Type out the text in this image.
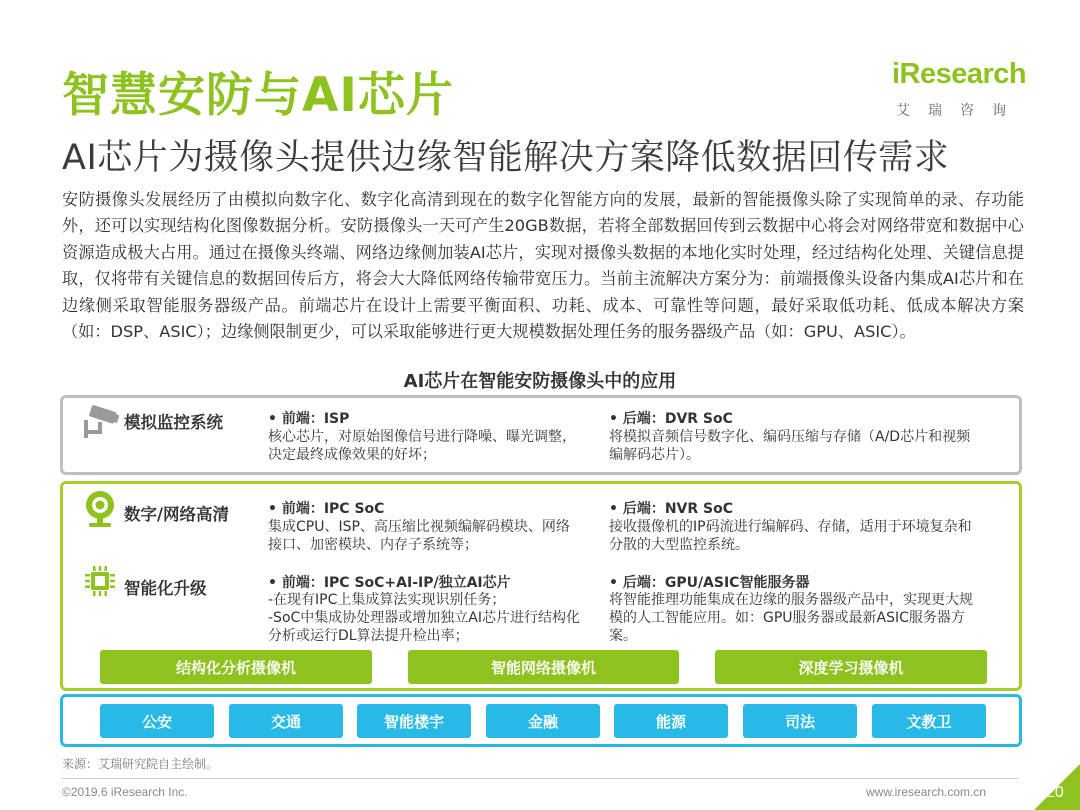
智慧安防与AI芯片
AI芯片为摄像头提供边缘智能解决方案降低数据回传需求
iResearch
艾瑞咨询
安防摄像头发展经历了由模拟向数字化、数字化高清到现在的数字化智能方向的发展，最新的智能摄像头除了实现简单的录、存功能外，还可以实现结构化图像数据分析。安防摄像头一天可产生20GB数据，若将全部数据回传到云数据中心将会对网络带宽和数据中心资源造成极大占用。通过在摄像头终端、网络边缘侧加装AI芯片，实现对摄像头数据的本地化实时处理，经过结构化处理、关键信息提取，仅将带有关键信息的数据回传后方，将会大大降低网络传输带宽压力。当前主流解决方案分为：前端摄像头设备内集成AI芯片和在边缘侧采取智能服务器级产品。前端芯片在设计上需要平衡面积、功耗、成本、可靠性等问题，最好采取低功耗、低成本解决方案（如：DSP、ASIC）；边缘侧限制更少，可以采取能够进行更大规模数据处理任务的服务器级产品（如：GPU、ASIC）。
AI芯片在智能安防摄像头中的应用
模拟监控系统	• 前端：ISP
核心芯片，对原始图像信号进行降噪、曝光调整，决定最终成像效果的好坏；
• 后端：DVR SoC
将模拟音频信号数字化、编码压缩与存储（A/D芯片和视频编解码芯片）。
数字/网络高清	• 前端：IPC SoC
集成CPU、ISP、高压缩比视频编解码模块、网络接口、加密模块、内存子系统等；
• 后端：NVR SoC
接收摄像机的IP码流进行编解码、存储，适用于环境复杂和分散的大型监控系统。
智能化升级	• 前端：IPC SoC+AI-IP/独立AI芯片
-在现有IPC上集成算法实现识别任务；
-SoC中集成协处理器或增加独立AI芯片进行结构化分析或运行DL算法提升检出率；
• 后端：GPU/ASIC智能服务器
将智能推理功能集成在边缘的服务器级产品中，实现更大规模的人工智能应用。如：GPU服务器或最新ASIC服务器方案。
结构化分析摄像机	智能网络摄像机	深度学习摄像机
公安	交通	智能楼宇	金融	能源	司法	文教卫
来源：艾瑞研究院自主绘制。
©2019.6 iResearch Inc.	www.iresearch.com.cn	20
